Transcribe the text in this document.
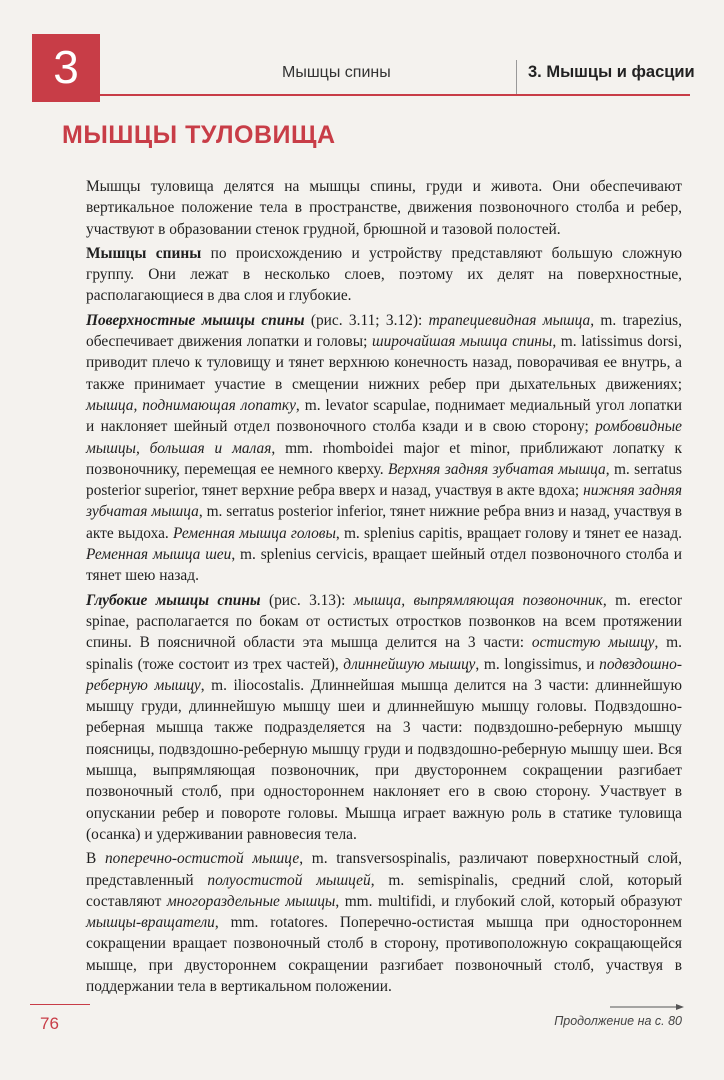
3	Мышцы спины	3. Мышцы и фасции
МЫШЦЫ ТУЛОВИЩА

Мышцы туловища делятся на мышцы спины, груди и живота. Они обеспечивают вертикальное положение тела в пространстве, движения позвоночного столба и ребер, участвуют в образовании стенок грудной, брюшной и тазовой полостей.

Мышцы спины по происхождению и устройству представляют большую сложную группу. Они лежат в несколько слоев, поэтому их делят на поверхностные, располагающиеся в два слоя и глубокие.

Поверхностные мышцы спины (рис. 3.11; 3.12): трапециевидная мышца, m. trapezius, обеспечивает движения лопатки и головы; широчайшая мышца спины, m. latissimus dorsi, приводит плечо к туловищу и тянет верхнюю конечность назад, поворачивая ее внутрь, а также принимает участие в смещении нижних ребер при дыхательных движениях; мышца, поднимающая лопатку, m. levator scapulae, поднимает медиальный угол лопатки и наклоняет шейный отдел позвоночного столба кзади и в свою сторону; ромбовидные мышцы, большая и малая, mm. rhomboidei major et minor, приближают лопатку к позвоночнику, перемещая ее немного кверху. Верхняя задняя зубчатая мышца, m. serratus posterior superior, тянет верхние ребра вверх и назад, участвуя в акте вдоха; нижняя задняя зубчатая мышца, m. serratus posterior inferior, тянет нижние ребра вниз и назад, участвуя в акте выдоха. Ременная мышца головы, m. splenius capitis, вращает голову и тянет ее назад. Ременная мышца шеи, m. splenius cervicis, вращает шейный отдел позвоночного столба и тянет шею назад.

Глубокие мышцы спины (рис. 3.13): мышца, выпрямляющая позвоночник, m. erector spinae, располагается по бокам от остистых отростков позвонков на всем протяжении спины. В поясничной области эта мышца делится на 3 части: остистую мышцу, m. spinalis (тоже состоит из трех частей), длиннейшую мышцу, m. longissimus, и подвздошно-реберную мышцу, m. iliocostalis. Длиннейшая мышца делится на 3 части: длиннейшую мышцу груди, длиннейшую мышцу шеи и длиннейшую мышцу головы. Подвздошно-реберная мышца также подразделяется на 3 части: подвздошно-реберную мышцу поясницы, подвздошно-реберную мышцу груди и подвздошно-реберную мышцу шеи. Вся мышца, выпрямляющая позвоночник, при двустороннем сокращении разгибает позвоночный столб, при одностороннем наклоняет его в свою сторону. Участвует в опускании ребер и повороте головы. Мышца играет важную роль в статике туловища (осанка) и удерживании равновесия тела.

В поперечно-остистой мышце, m. transversospinalis, различают поверхностный слой, представленный полуостистой мышцей, m. semispinalis, средний слой, который составляют многораздельные мышцы, mm. multifidi, и глубокий слой, который образуют мышцы-вращатели, mm. rotatores. Поперечно-остистая мышца при одностороннем сокращении вращает позвоночный столб в сторону, противоположную сокращающейся мышце, при двустороннем сокращении разгибает позвоночный столб, участвуя в поддержании тела в вертикальном положении.

76	Продолжение на с. 80
